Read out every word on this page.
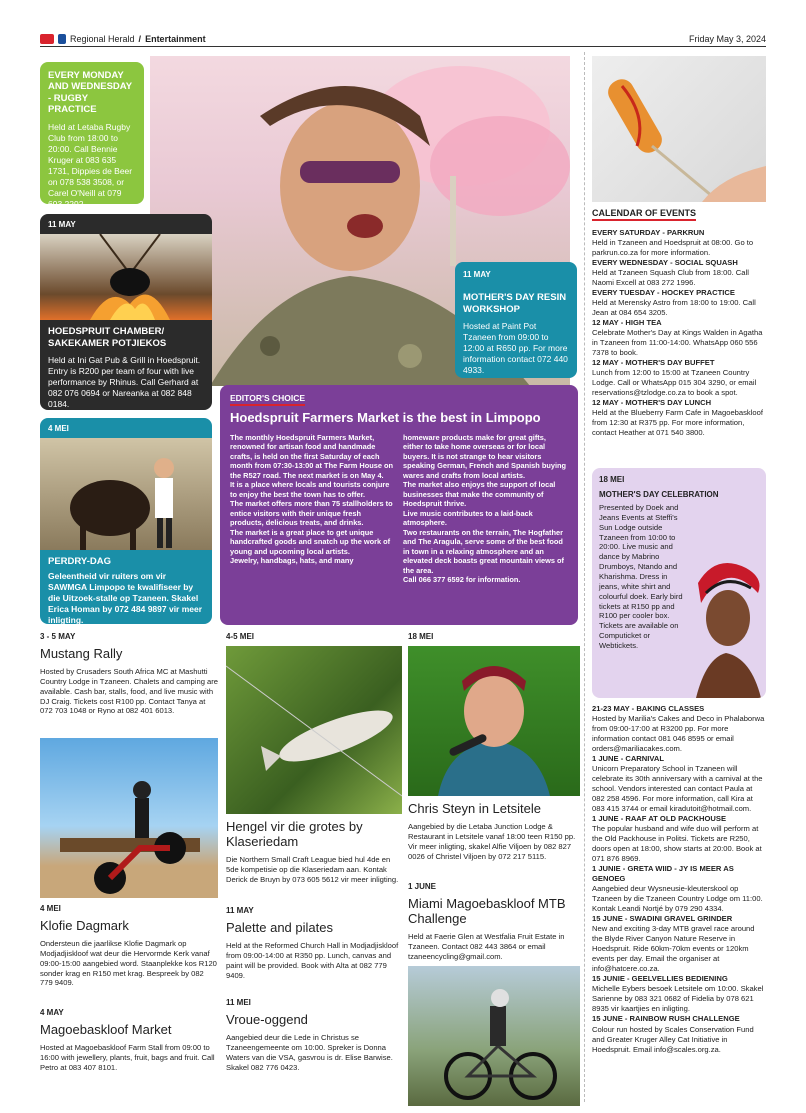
Regional Herald / Entertainment	Friday May 3, 2024
EVERY MONDAY AND WEDNESDAY - RUGBY PRACTICE
Held at Letaba Rugby Club from 18:00 to 20:00. Call Bennie Kruger at 083 635 1731, Dippies de Beer on 078 538 3508, or Carel O'Neill at 079 693 2292.
11 MAY
HOEDSPRUIT CHAMBER/ SAKEKAMER POTJIEKOS
Held at Ini Gat Pub & Grill in Hoedspruit. Entry is R200 per team of four with live performance by Rhinus. Call Gerhard at 082 076 0694 or Nareanka at 082 848 0184.
11 MAY
MOTHER'S DAY RESIN WORKSHOP
Hosted at Paint Pot Tzaneen from 09:00 to 12:00 at R650 pp. For more information contact 072 440 4933.
EDITOR'S CHOICE
Hoedspruit Farmers Market is the best in Limpopo
The monthly Hoedspruit Farmers Market, renowned for artisan food and handmade crafts, is held on the first Saturday of each month from 07:30-13:00 at The Farm House on the R527 road. The next market is on May 4.
It is a place where locals and tourists conjure to enjoy the best the town has to offer.
The market offers more than 75 stallholders to entice visitors with their unique fresh products, delicious treats, and drinks.
The market is a great place to get unique handcrafted goods and snatch up the work of young and upcoming local artists.
Jewelry, handbags, hats, and many
homeware products make for great gifts, either to take home overseas or for local buyers. It is not strange to hear visitors speaking German, French and Spanish buying wares and crafts from local artists.
The market also enjoys the support of local businesses that make the community of Hoedspruit thrive.
Live music contributes to a laid-back atmosphere.
Two restaurants on the terrain, The Hogfather and The Aragula, serve some of the best food in town in a relaxing atmosphere and an elevated deck boasts great mountain views of the area.
Call 066 377 6592 for information.
4 MEI
PERDRY-DAG
Geleentheid vir ruiters om vir SAWMGA Limpopo te kwalifiseer by die Uitzoek-stalle op Tzaneen. Skakel Erica Homan by 072 484 9897 vir meer inligting.
3 - 5 MAY
Mustang Rally
Hosted by Crusaders South Africa MC at Mashutti Country Lodge in Tzaneen. Chalets and camping are available. Cash bar, stalls, food, and live music with DJ Craig. Tickets cost R100 pp. Contact Tanya at 072 703 1048 or Ryno at 082 401 6013.
4 MEI
Klofie Dagmark
Ondersteun die jaarlikse Klofie Dagmark op Modjadjiskloof wat deur die Hervormde Kerk vanaf 09:00-15:00 aangebied word. Staanplekke kos R120 sonder krag en R150 met krag. Bespreek by 082 779 9409.
4 MAY
Magoebaskloof Market
Hosted at Magoebaskloof Farm Stall from 09:00 to 16:00 with jewellery, plants, fruit, bags and fruit. Call Petro at 083 407 8101.
4-5 MEI
Hengel vir die grotes by Klaseriedam
Die Northern Small Craft League bied hul 4de en 5de kompetisie op die Klaseriedam aan. Kontak Derick de Bruyn by 073 605 5612 vir meer inligting.
11 MAY
Palette and pilates
Held at the Reformed Church Hall in Modjadjiskloof from 09:00-14:00 at R350 pp. Lunch, canvas and paint will be provided. Book with Alta at 082 779 9409.
11 MEI
Vroue-oggend
Aangebied deur die Lede in Christus se Tzaneengemeente om 10:00. Spreker is Donna Waters van die VSA, gasvrou is dr. Elise Barwise. Skakel 082 776 0423.
18 MEI
Chris Steyn in Letsitele
Aangebied by die Letaba Junction Lodge & Restaurant in Letsitele vanaf 18:00 teen R150 pp. Vir meer inligting, skakel Alfie Viljoen by 082 827 0026 of Christel Viljoen by 072 217 5115.
1 JUNE
Miami Magoebaskloof MTB Challenge
Held at Faerie Glen at Westfalia Fruit Estate in Tzaneen. Contact 082 443 3864 or email tzaneencycling@gmail.com.
CALENDAR OF EVENTS
EVERY SATURDAY - PARKRUN
Held in Tzaneen and Hoedspruit at 08:00. Go to parkrun.co.za for more information.
EVERY WEDNESDAY - SOCIAL SQUASH
Held at Tzaneen Squash Club from 18:00. Call Naomi Excell at 083 272 1996.
EVERY TUESDAY - HOCKEY PRACTICE
Held at Merensky Astro from 18:00 to 19:00. Call Jean at 084 654 3205.
12 MAY - HIGH TEA
Celebrate Mother's Day at Kings Walden in Agatha in Tzaneen from 11:00-14:00. WhatsApp 060 556 7378 to book.
12 MAY - MOTHER'S DAY BUFFET
Lunch from 12:00 to 15:00 at Tzaneen Country Lodge. Call or WhatsApp 015 304 3290, or email reservations@tzlodge.co.za to book a spot.
12 MAY - MOTHER'S DAY LUNCH
Held at the Blueberry Farm Cafe in Magoebaskloof from 12:30 at R375 pp. For more information, contact Heather at 071 540 3800.
18 MEI
MOTHER'S DAY CELEBRATION
Presented by Doek and Jeans Events at Steffi's Sun Lodge outside Tzaneen from 10:00 to 20:00. Live music and dance by Mabrino Drumboys, Ntando and Kharishma. Dress in jeans, white shirt and colourful doek. Early bird tickets at R150 pp and R100 per cooler box. Tickets are available on Computicket or Webtickets.
21-23 MAY - BAKING CLASSES
Hosted by Marilia's Cakes and Deco in Phalaborwa from 09:00-17:00 at R3200 pp. For more information contact 081 046 8595 or email orders@mariliacakes.com.
1 JUNE - CARNIVAL
Unicorn Preparatory School in Tzaneen will celebrate its 30th anniversary with a carnival at the school. Vendors interested can contact Paula at 082 258 4596. For more information, call Kira at 083 415 3744 or email kiradutoit@hotmail.com.
1 JUNE - RAAF AT OLD PACKHOUSE
The popular husband and wife duo will perform at the Old Packhouse in Politsi. Tickets are R250, doors open at 18:00, show starts at 20:00. Book at 071 876 8969.
1 JUNIE - GRETA WIID - JY IS MEER AS GENOEG
Aangebied deur Wysneusie-kleuterskool op Tzaneen by die Tzaneen Country Lodge om 11:00. Kontak Leandi Nortjé by 079 290 4334.
15 JUNE - SWADINI GRAVEL GRINDER
New and exciting 3-day MTB gravel race around the Blyde River Canyon Nature Reserve in Hoedspruit. Ride 60km-70km events or 120km events per day. Email the organiser at info@hatcere.co.za.
15 JUNIE - GEELVELLIES BEDIENING
Michelle Eybers besoek Letsitele om 10:00. Skakel Sarienne by 083 321 0682 of Fidelia by 078 621 8935 vir kaartjies en inligting.
15 JUNE - RAINBOW RUSH CHALLENGE
Colour run hosted by Scales Conservation Fund and Greater Kruger Alley Cat Initiative in Hoedspruit. Email info@scales.org.za.
